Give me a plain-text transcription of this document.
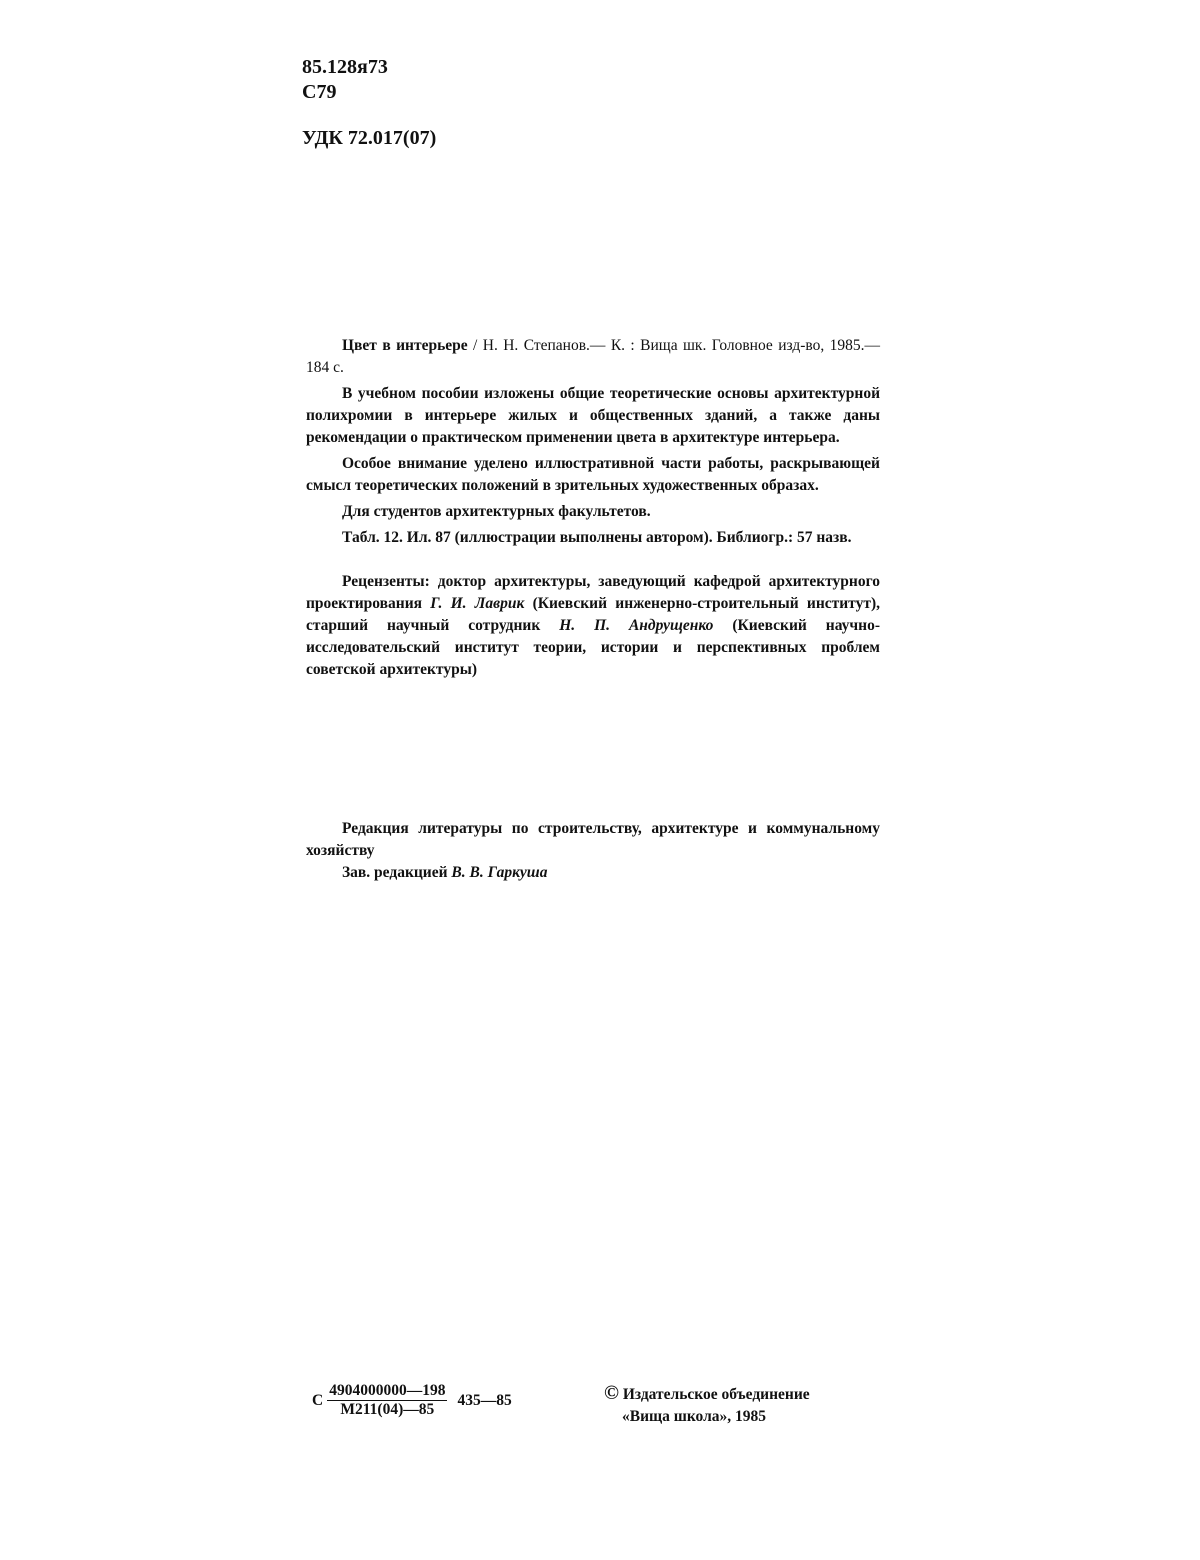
85.128я73
С79
УДК 72.017(07)

Цвет в интерьере / Н. Н. Степанов.— К. : Вища шк. Головное изд-во, 1985.— 184 с.

В учебном пособии изложены общие теоретические основы архитектурной полихромии в интерьере жилых и общественных зданий, а также даны рекомендации о практическом применении цвета в архитектуре интерьера.

Особое внимание уделено иллюстративной части работы, раскрывающей смысл теоретических положений в зрительных художественных образах.

Для студентов архитектурных факультетов.

Табл. 12. Ил. 87 (иллюстрации выполнены автором). Библиогр.: 57 назв.

Рецензенты: доктор архитектуры, заведующий кафедрой архитектурного проектирования Г. И. Лаврик (Киевский инженерно-строительный институт), старший научный сотрудник Н. П. Андрущенко (Киевский научно-исследовательский институт теории, истории и перспективных проблем советской архитектуры)

Редакция литературы по строительству, архитектуре и коммунальному хозяйству

Зав. редакцией В. В. Гаркуша

С $\frac{4904000000—198}{М211(04)—85}$ 435—85	© Издательское объединение
«Вища школа», 1985
